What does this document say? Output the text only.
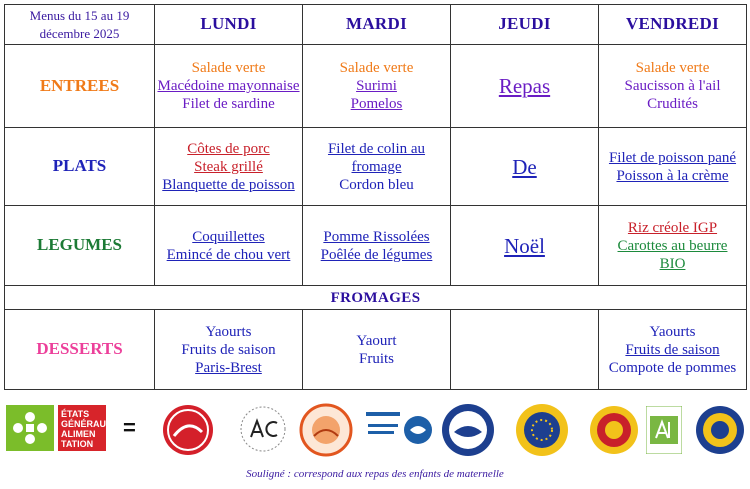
Menus du 15 au 19 décembre 2025	LUNDI	MARDI	JEUDI	VENDREDI
ENTREES	Salade verte
Macédoine mayonnaise
Filet de sardine	Salade verte
Surimi
Pomelos	Repas	Salade verte
Saucisson à l'ail
Crudités

PLATS	Côtes de porc
Steak grillé
Blanquette de poisson	Filet de colin au fromage
Cordon bleu	De	Filet de poisson pané
Poisson à la crème

LEGUMES	Coquillettes
Emincé de chou vert	Pomme Rissolées
Poêlée de légumes	Noël	Riz créole IGP
Carottes au beurre
BIO

FROMAGES				
DESSERTS	Yaourts
Fruits de saison
Paris-Brest	Yaourt
Fruits		Yaourts
Fruits de saison
Compote de pommes
ÉTATS GÉNÉRAUX ALIMEN TATION
=
Souligné : correspond aux repas des enfants de maternelle
